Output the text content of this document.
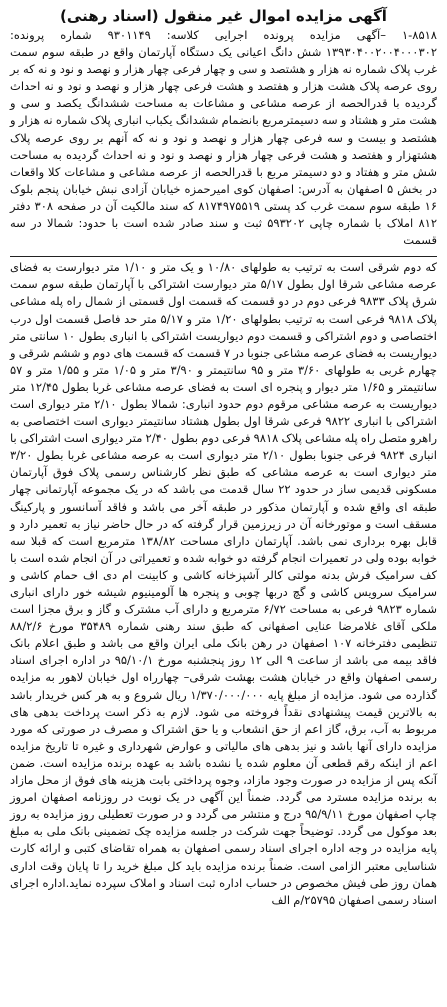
آگهی مزایده اموال غیر منقول (اسناد رهنی)

۱-۸۵۱۸ –آگهی مزایده پرونده اجرایی کلاسه: ۹۳۰۱۱۴۹ شماره پرونده: ۱۳۹۳۰۴۰۰۲۰۰۴۰۰۰۳۰۲ شش دانگ اعیانی یک دستگاه آپارتمان واقع در طبقه سوم سمت غرب پلاک شماره نه هزار و هشتصد و سی و چهار فرعی چهار هزار و نهصد و نود و نه که بر روی عرصه پلاک هشت هزار و هفتصد و هشت فرعی چهار هزار و نهصد و نود و نه احداث گردیده با قدرالحصه از عرصه مشاعی و مشاعات به مساحت ششدانگ یکصد و سی و هشت متر و هشتاد و سه دسیمترمربع بانضمام ششدانگ یکباب انباری پلاک شماره نه هزار و هشتصد و بیست و سه فرعی چهار هزار و نهصد و نود و نه که آنهم بر روی عرصه پلاک هشتهزار و هفتصد و هشت فرعی چهار هزار و نهصد و نود و نه احداث گردیده به مساحت شش متر و هفتاد و دو دسیمتر مربع با قدرالحصه از عرصه مشاعی و مشاعات کلا واقعات در بخش ۵ اصفهان به آدرس: اصفهان کوی امیرحمزه خیابان آزادی نبش خیابان پنجم بلوک ۱۶ طبقه سوم سمت غرب کد پستی ۸۱۷۴۹۷۵۵۱۹ که سند مالکیت آن در صفحه ۳۰۸ دفتر ۸۱۲ املاک با شماره چاپی ۵۹۳۲۰۲ ثبت و سند صادر شده است با حدود: شمالا در سه قسمت
که دوم شرقی است به ترتیب به طولهای ۱۰/۸۰ و یک متر و ۱/۱۰ متر دیوارست به فضای عرصه مشاعی شرقا اول بطول ۵/۱۷ متر دیوارست اشتراکی با آپارتمان طبقه سوم سمت شرق پلاک ۹۸۳۳ فرعی دوم در دو قسمت که قسمت اول قسمتی از شمال راه پله مشاعی پلاک ۹۸۱۸ فرعی است به ترتیب بطولهای ۱/۲۰ متر و ۵/۱۷ متر حد فاصل قسمت اول درب اختصاصی و دوم اشتراکی و قسمت دوم دیواریست اشتراکی با انباری بطول ۱۰ سانتی متر دیواریست به فضای عرصه مشاعی جنوبا در ۷ قسمت که قسمت های دوم و ششم شرقی و چهارم غربی به طولهای ۳/۶۰ متر و ۹۵ سانتیمتر و ۳/۹۰ متر و ۱/۰۵ متر و ۱/۵۵ متر و ۵۷ سانتیمتر و ۱/۶۵ متر دیوار و پنجره ای است به فضای عرصه مشاعی غربا بطول ۱۲/۴۵ متر دیواریست به عرصه مشاعی مرقوم دوم حدود انباری: شمالا بطول ۲/۱۰ متر دیواری است اشتراکی با انباری ۹۸۲۲ فرعی شرقا اول بطول هشتاد سانتیمتر دیواری است اختصاصی به راهرو متصل راه پله مشاعی پلاک ۹۸۱۸ فرعی دوم بطول ۲/۴۰ متر دیواری است اشتراکی با انباری ۹۸۲۴ فرعی جنوبا بطول ۲/۱۰ متر دیواری است به عرصه مشاعی غربا بطول ۳/۲۰ متر دیواری است به عرصه مشاعی که طبق نظر کارشناس رسمی پلاک فوق آپارتمان مسکونی قدیمی ساز در حدود ۲۲ سال قدمت می باشد که در یک مجموعه آپارتمانی چهار طبقه ای واقع شده و آپارتمان مذکور در طبقه آخر می باشد و فاقد آسانسور و پارکینگ مسقف است و موتورخانه آن در زیرزمین قرار گرفته که در حال حاضر نیاز به تعمیر دارد و قابل بهره برداری نمی باشد. آپارتمان دارای مساحت ۱۳۸/۸۲ مترمربع است که قبلا سه خوابه بوده ولی در تعمیرات انجام گرفته دو خوابه شده و تعمیراتی در آن انجام شده است با کف سرامیک فرش بدنه مولتی کالر آشپزخانه کاشی و کابینت ام دی اف حمام کاشی و سرامیک سرویس کاشی و گچ دربها چوبی و پنجره ها آلومینیوم شیشه خور دارای انباری شماره ۹۸۲۳ فرعی به مساحت ۶/۷۲ مترمربع و دارای آب مشترک و گاز و برق مجزا است ملکی آقای غلامرضا عنایی اصفهانی که طبق سند رهنی شماره ۳۵۴۸۹ مورخ ۸۸/۲/۶ تنظیمی دفترخانه ۱۰۷ اصفهان در رهن بانک ملی ایران واقع می باشد و طبق اعلام بانک فاقد بیمه می باشد از ساعت ۹ الی ۱۲ روز پنجشنبه مورخ ۹۵/۱۰/۱ در اداره اجرای اسناد رسمی اصفهان واقع در خیابان هشت بهشت شرقی– چهارراه اول خیابان لاهور به مزایده گذارده می شود. مزایده از مبلغ پایه ۱/۳۷۰/۰۰۰/۰۰۰ ریال شروع و به هر کس خریدار باشد به بالاترین قیمت پیشنهادی نقداً فروخته می شود. لازم به ذکر است پرداخت بدهی های مربوط به آب، برق، گاز اعم از حق انشعاب و یا حق اشتراک و مصرف در صورتی که مورد مزایده دارای آنها باشد و نیز بدهی های مالیاتی و عوارض شهرداری و غیره تا تاریخ مزایده اعم از اینکه رقم قطعی آن معلوم شده یا نشده باشد به عهده برنده مزایده است. ضمن آنکه پس از مزایده در صورت وجود مازاد، وجوه پرداختی بابت هزینه های فوق از محل مازاد به برنده مزایده مسترد می گردد. ضمناً این آگهی در یک نوبت در روزنامه اصفهان امروز چاپ اصفهان مورخ ۹۵/۹/۱۱ درج و منتشر می گردد و در صورت تعطیلی روز مزایده به روز بعد موکول می گردد. توضیحاً جهت شرکت در جلسه مزایده چک تضمینی بانک ملی به مبلغ پایه مزایده در وجه اداره اجرای اسناد رسمی اصفهان به همراه تقاضای کتبی و ارائه کارت شناسایی معتبر الزامی است. ضمناً برنده مزایده باید کل مبلغ خرید را تا پایان وقت اداری همان روز طی فیش مخصوص در حساب اداره ثبت اسناد و املاک سپرده نماید.اداره اجرای اسناد رسمی اصفهان ۲۵۷۹۵/م الف
